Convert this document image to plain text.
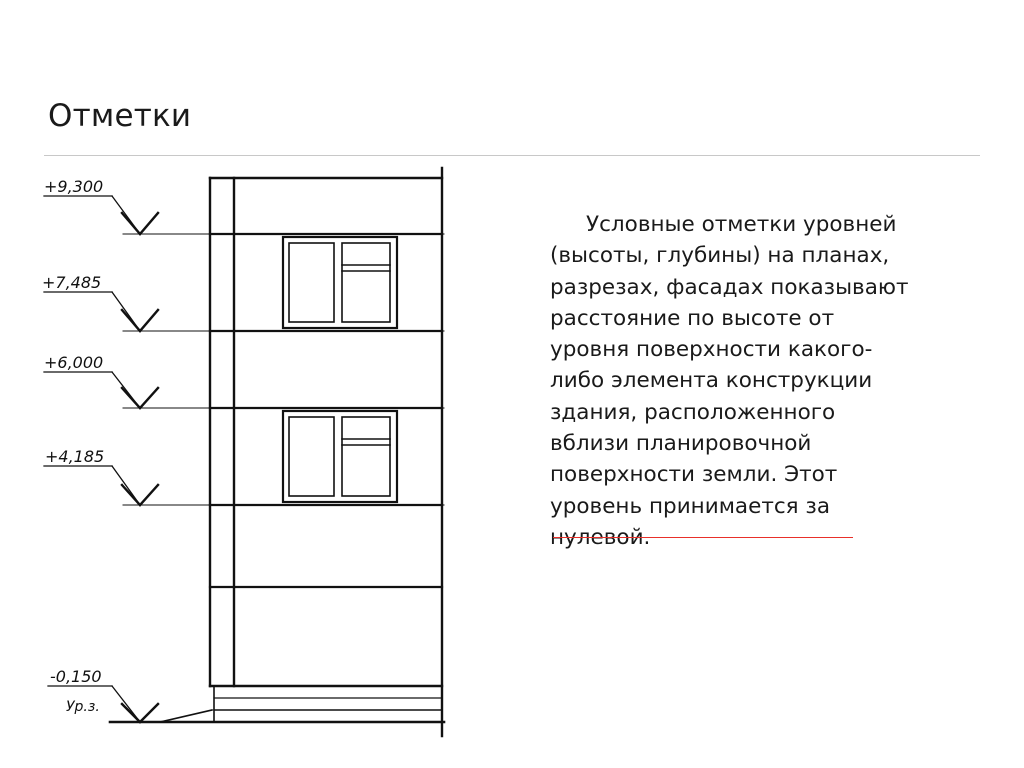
Отметки
+9,300
+7,485
+6,000
+4,185
-0,150
Ур.з.

Условные отметки уровней
(высоты, глубины) на планах,
разрезах, фасадах показывают
расстояние по высоте от
уровня поверхности какого-
либо элемента конструкции
здания, расположенного
вблизи планировочной
поверхности земли. Этот
уровень принимается за
нулевой.
